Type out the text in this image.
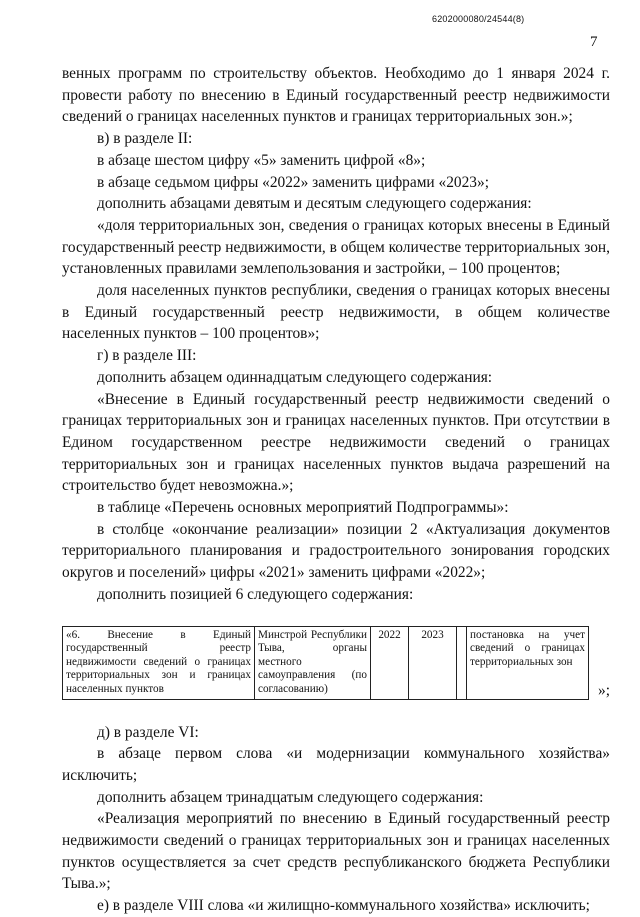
6202000080/24544(8)
7

венных программ по строительству объектов. Необходимо до 1 января 2024 г. провести работу по внесению в Единый государственный реестр недвижимости сведений о границах населенных пунктов и границах территориальных зон.»;

в) в разделе II:

в абзаце шестом цифру «5» заменить цифрой «8»;

в абзаце седьмом цифры «2022» заменить цифрами «2023»;

дополнить абзацами девятым и десятым следующего содержания:

«доля территориальных зон, сведения о границах которых внесены в Единый государственный реестр недвижимости, в общем количестве территориальных зон, установленных правилами землепользования и застройки, – 100 процентов;

доля населенных пунктов республики, сведения о границах которых внесены в Единый государственный реестр недвижимости, в общем количестве населенных пунктов – 100 процентов»;

г) в разделе III:

дополнить абзацем одиннадцатым следующего содержания:

«Внесение в Единый государственный реестр недвижимости сведений о границах территориальных зон и границах населенных пунктов. При отсутствии в Едином государственном реестре недвижимости сведений о границах территориальных зон и границах населенных пунктов выдача разрешений на строительство будет невозможна.»;

в таблице «Перечень основных мероприятий Подпрограммы»:

в столбце «окончание реализации» позиции 2 «Актуализация документов территориального планирования и градостроительного зонирования городских округов и поселений» цифры «2021» заменить цифрами «2022»;

дополнить позицией 6 следующего содержания:

«6. Внесение в Единый государственный реестр недвижимости сведений о границах территориальных зон и границах населенных пунктов	Минстрой Республики Тыва, органы местного самоуправления (по согласованию)	2022	2023		постановка на учет сведений о границах территориальных зон
»;

д) в разделе VI:

в абзаце первом слова «и модернизации коммунального хозяйства» исключить;

дополнить абзацем тринадцатым следующего содержания:

«Реализация мероприятий по внесению в Единый государственный реестр недвижимости сведений о границах территориальных зон и границах населенных пунктов осуществляется за счет средств республиканского бюджета Республики Тыва.»;

е) в разделе VIII слова «и жилищно-коммунального хозяйства» исключить;
